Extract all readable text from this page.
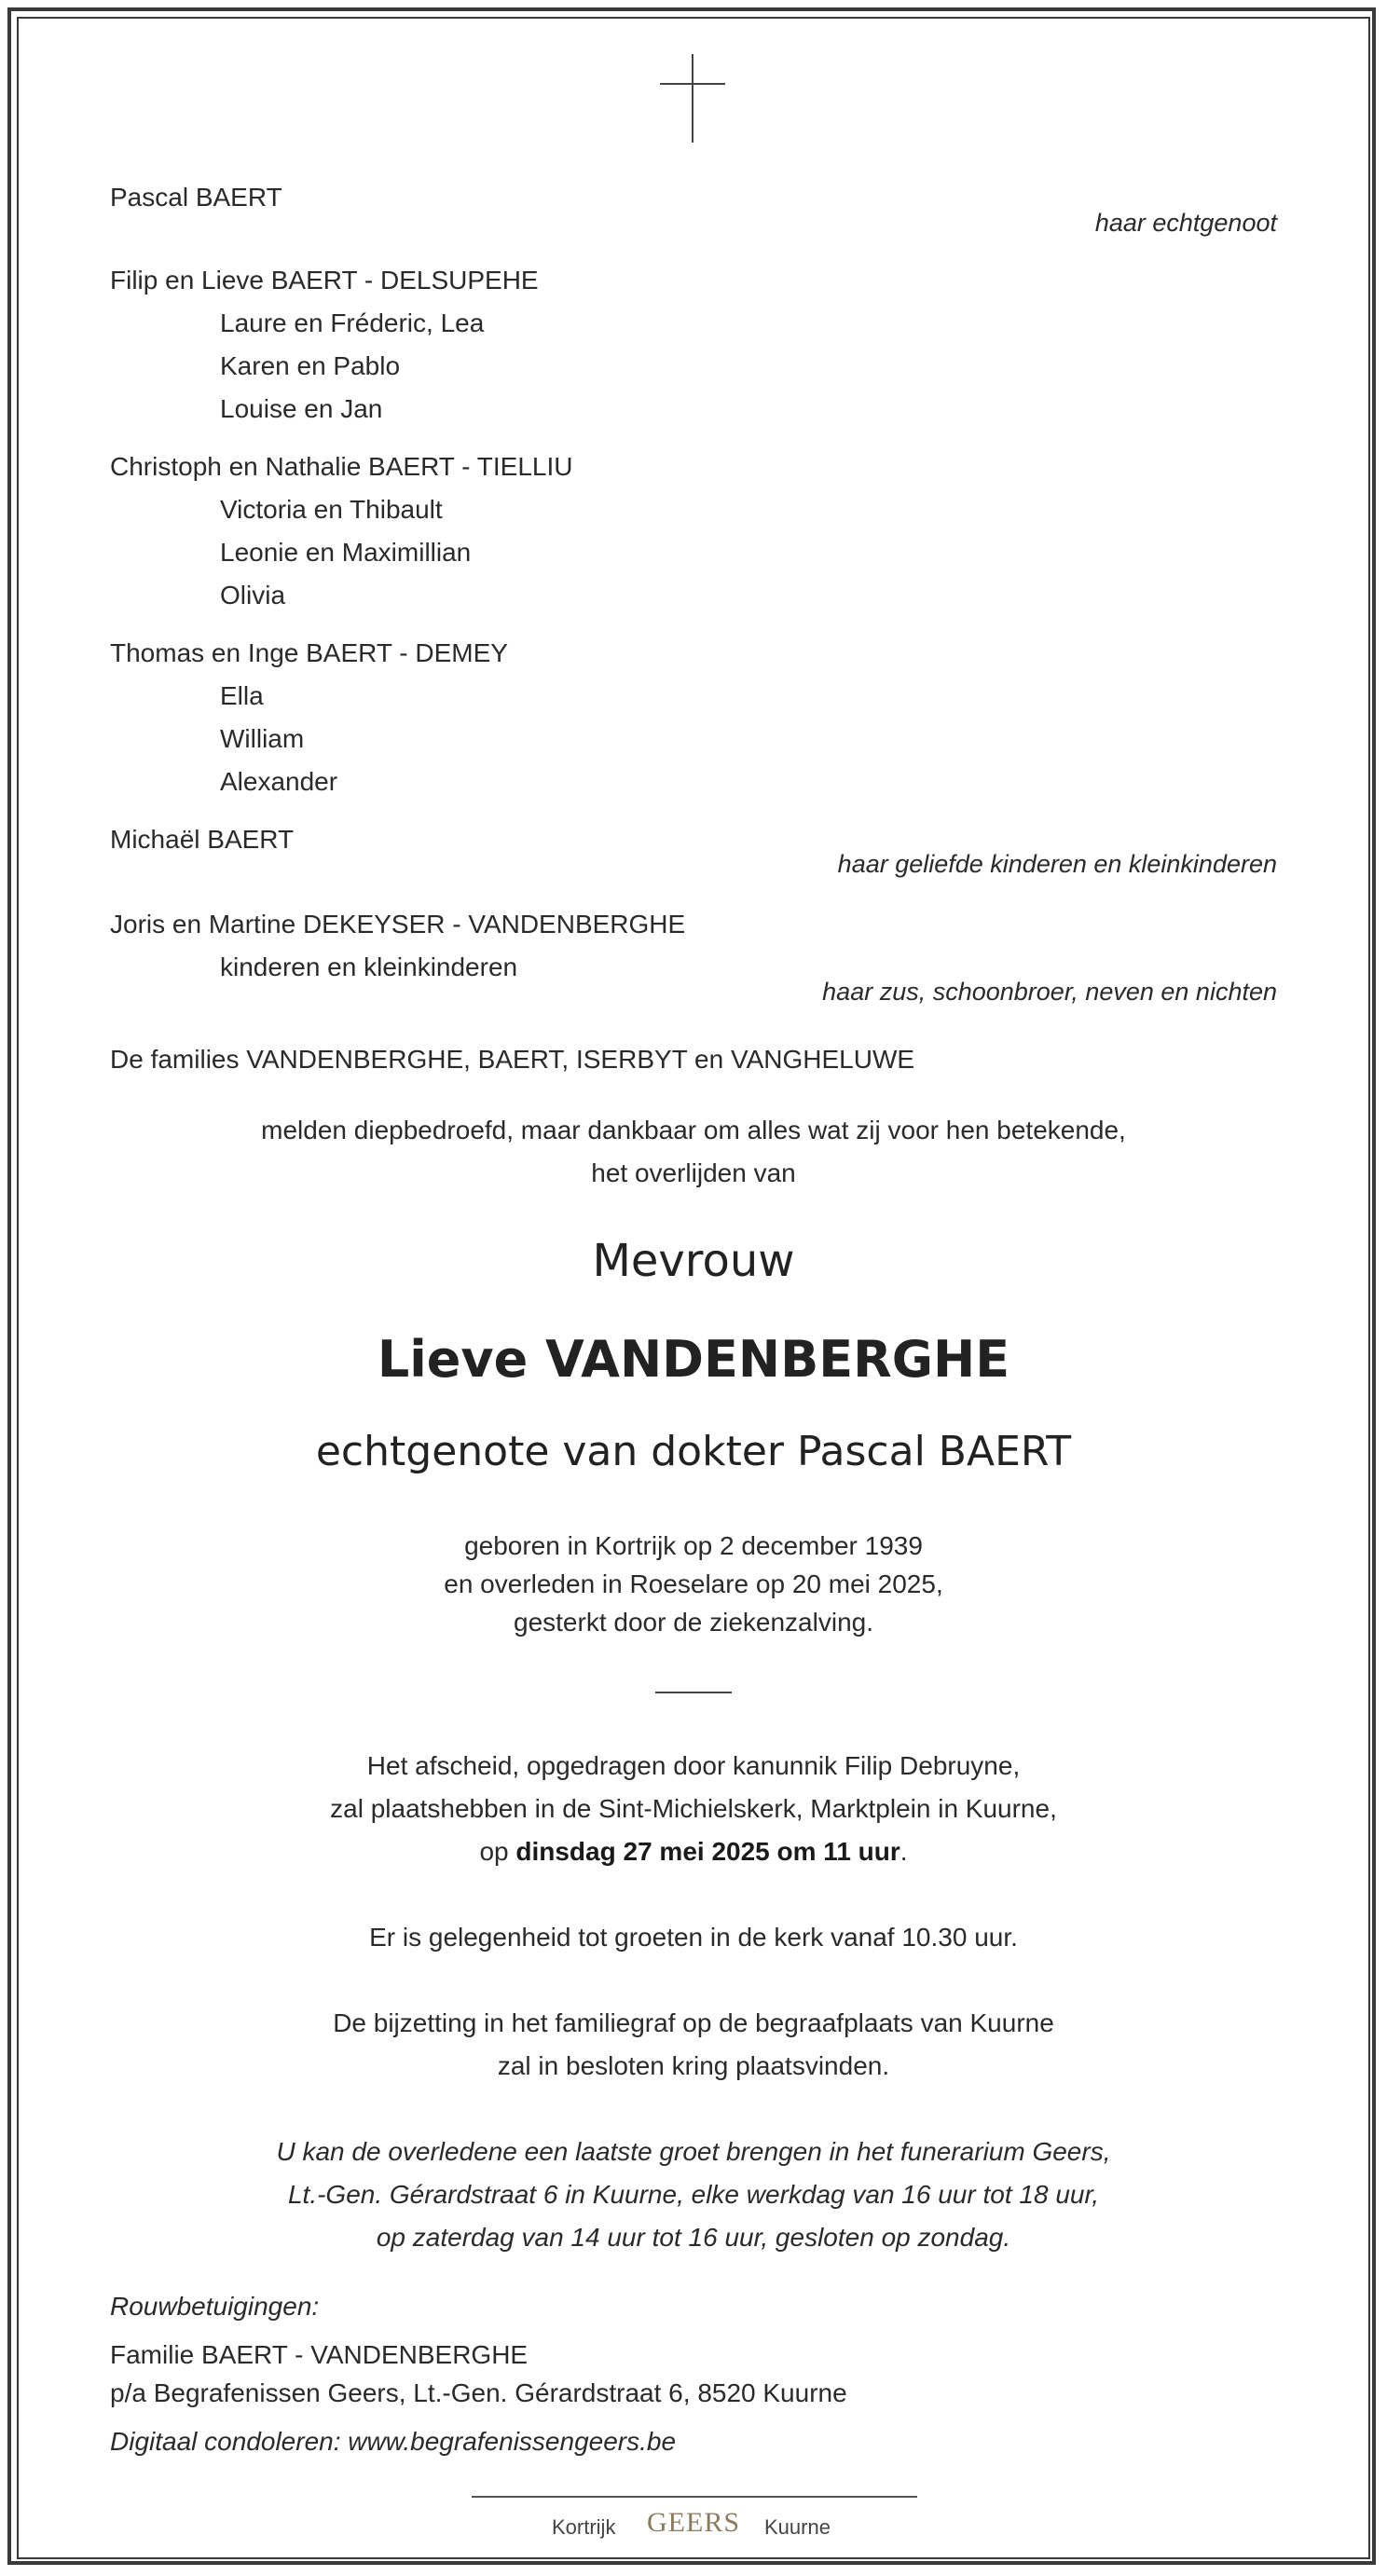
Pascal BAERT
haar echtgenoot
Filip en Lieve BAERT - DELSUPEHE
Laure en Fréderic, Lea
Karen en Pablo
Louise en Jan
Christoph en Nathalie BAERT - TIELLIU
Victoria en Thibault
Leonie en Maximillian
Olivia
Thomas en Inge BAERT - DEMEY
Ella
William
Alexander
Michaël BAERT
haar geliefde kinderen en kleinkinderen
Joris en Martine DEKEYSER - VANDENBERGHE
kinderen en kleinkinderen
haar zus, schoonbroer, neven en nichten
De families VANDENBERGHE, BAERT, ISERBYT en VANGHELUWE
melden diepbedroefd, maar dankbaar om alles wat zij voor hen betekende,
het overlijden van
Mevrouw
Lieve VANDENBERGHE
echtgenote van dokter Pascal BAERT
geboren in Kortrijk op 2 december 1939
en overleden in Roeselare op 20 mei 2025,
gesterkt door de ziekenzalving.
Het afscheid, opgedragen door kanunnik Filip Debruyne,
zal plaatshebben in de Sint-Michielskerk, Marktplein in Kuurne,
op dinsdag 27 mei 2025 om 11 uur.
Er is gelegenheid tot groeten in de kerk vanaf 10.30 uur.
De bijzetting in het familiegraf op de begraafplaats van Kuurne
zal in besloten kring plaatsvinden.
U kan de overledene een laatste groet brengen in het funerarium Geers,
Lt.-Gen. Gérardstraat 6 in Kuurne, elke werkdag van 16 uur tot 18 uur,
op zaterdag van 14 uur tot 16 uur, gesloten op zondag.
Rouwbetuigingen:
Familie BAERT - VANDENBERGHE
p/a Begrafenissen Geers, Lt.-Gen. Gérardstraat 6, 8520 Kuurne
Digitaal condoleren: www.begrafenissengeers.be
Kortrijk GEERS Kuurne
